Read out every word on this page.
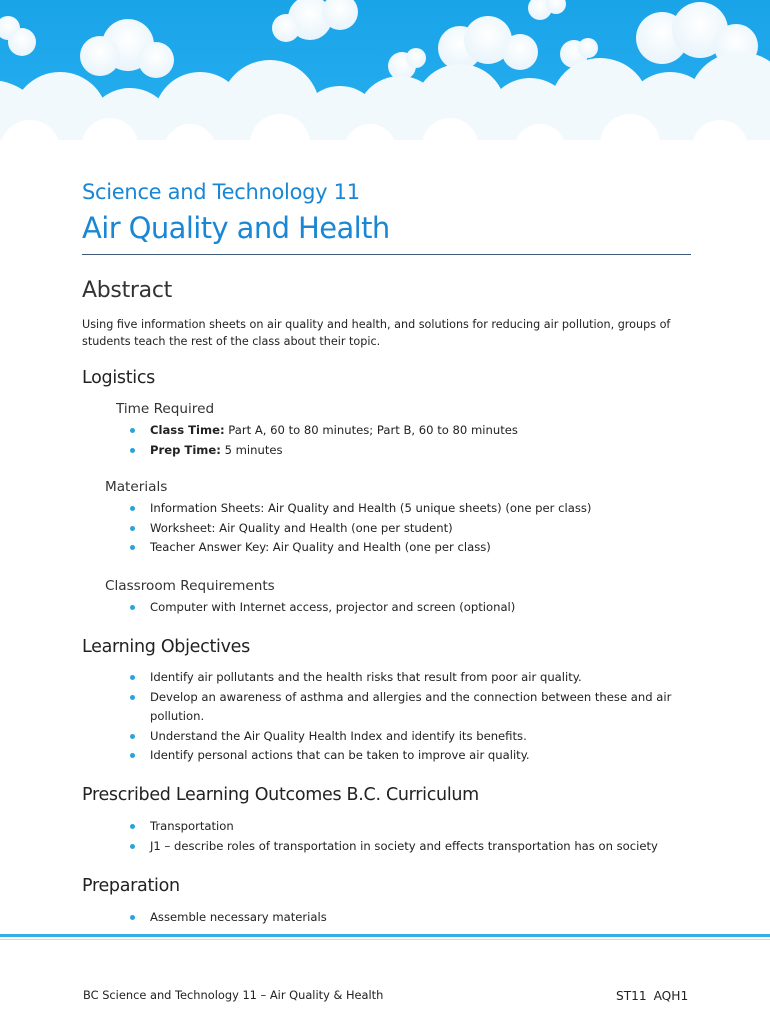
Science and Technology 11
Air Quality and Health
Abstract
Using five information sheets on air quality and health, and solutions for reducing air pollution, groups of students teach the rest of the class about their topic.
Logistics
Time Required
Class Time: Part A, 60 to 80 minutes; Part B, 60 to 80 minutes
Prep Time: 5 minutes
Materials
Information Sheets: Air Quality and Health (5 unique sheets) (one per class)
Worksheet: Air Quality and Health (one per student)
Teacher Answer Key: Air Quality and Health (one per class)
Classroom Requirements
Computer with Internet access, projector and screen (optional)
Learning Objectives
Identify air pollutants and the health risks that result from poor air quality.
Develop an awareness of asthma and allergies and the connection between these and air pollution.
Understand the Air Quality Health Index and identify its benefits.
Identify personal actions that can be taken to improve air quality.
Prescribed Learning Outcomes B.C. Curriculum
Transportation
J1 – describe roles of transportation in society and effects transportation has on society
Preparation
Assemble necessary materials
BC Science and Technology 11 – Air Quality & Health	ST11 AQH1
